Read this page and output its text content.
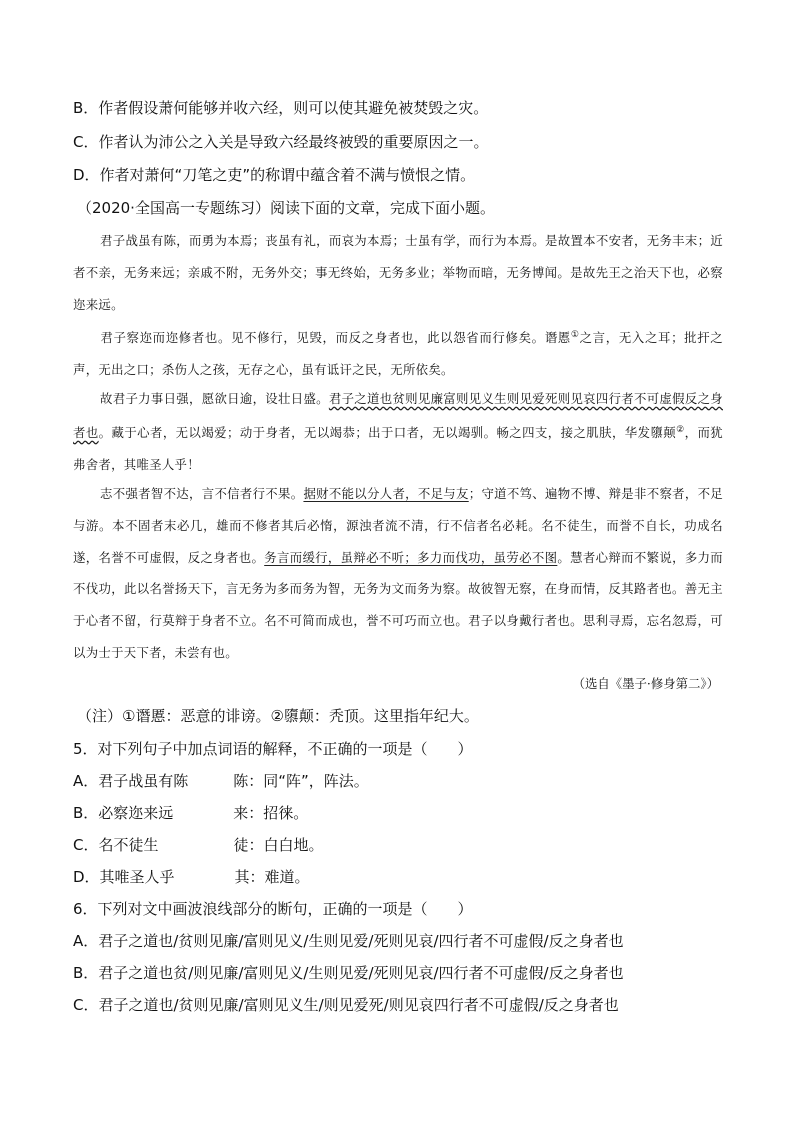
B．作者假设萧何能够并收六经，则可以使其避免被焚毁之灾。
C．作者认为沛公之入关是导致六经最终被毁的重要原因之一。
D．作者对萧何“刀笔之吏”的称谓中蕴含着不满与愤恨之情。
（2020·全国高一专题练习）阅读下面的文章，完成下面小题。
君子战虽有陈，而勇为本焉；丧虽有礼，而哀为本焉；士虽有学，而行为本焉。是故置本不安者，无务丰末；近者不亲，无务来远；亲戚不附，无务外交；事无终始，无务多业；举物而暗，无务博闻。是故先王之治天下也，必察迩来远。
君子察迩而迩修者也。见不修行，见毁，而反之身者也，此以怨省而行修矣。谮慝①之言，无入之耳；批扞之声，无出之口；杀伤人之孩，无存之心，虽有诋讦之民，无所依矣。
故君子力事日强，愿欲日逾，设壮日盛。君子之道也贫则见廉富则见义生则见爱死则见哀四行者不可虚假反之身者也。藏于心者，无以竭爱；动于身者，无以竭恭；出于口者，无以竭驯。畅之四支，接之肌肤，华发隳颠②，而犹弗舍者，其唯圣人乎！
志不强者智不达，言不信者行不果。据财不能以分人者，不足与友；守道不笃、遍物不博、辩是非不察者，不足与游。本不固者末必几，雄而不修者其后必惰，源浊者流不清，行不信者名必耗。名不徒生，而誉不自长，功成名遂，名誉不可虚假，反之身者也。务言而缓行，虽辩必不听；多力而伐功，虽劳必不图。慧者心辩而不繁说，多力而不伐功，此以名誉扬天下，言无务为多而务为智，无务为文而务为察。故彼智无察，在身而情，反其路者也。善无主于心者不留，行莫辩于身者不立。名不可简而成也，誉不可巧而立也。君子以身戴行者也。思利寻焉，忘名忽焉，可以为士于天下者，未尝有也。
（选自《墨子·修身第二》）
（注）①谮慝：恶意的诽谤。②隳颠：秃顶。这里指年纪大。
5．对下列句子中加点词语的解释，不正确的一项是（　　）
A．君子战虽有陈　　　陈：同“阵”，阵法。
B．必察迩来远　　　　来：招徕。
C．名不徒生　　　　　徒：白白地。
D．其唯圣人乎　　　　其：难道。
6．下列对文中画波浪线部分的断句，正确的一项是（　　）
A．君子之道也/贫则见廉/富则见义/生则见爱/死则见哀/四行者不可虚假/反之身者也
B．君子之道也贫/则见廉/富则见义/生则见爱/死则见哀/四行者不可虚假/反之身者也
C．君子之道也/贫则见廉/富则见义生/则见爱死/则见哀四行者不可虚假/反之身者也
